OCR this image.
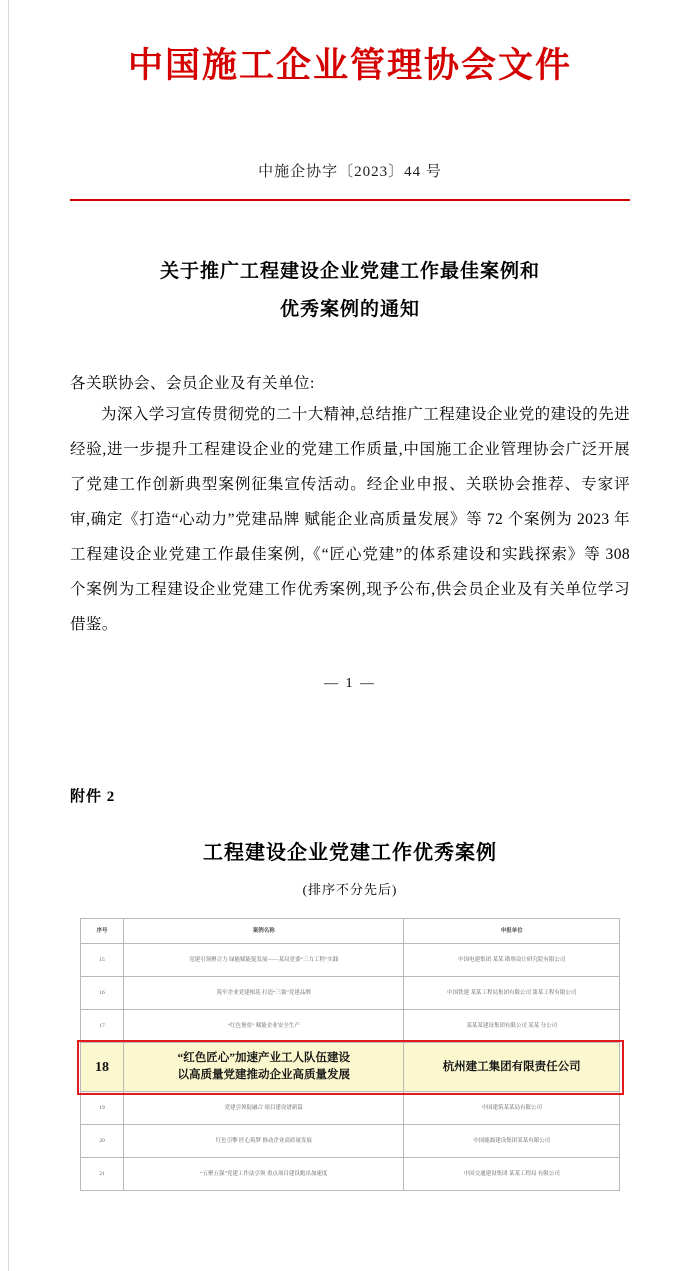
中国施工企业管理协会文件
中施企协字〔2023〕44 号
关于推广工程建设企业党建工作最佳案例和
优秀案例的通知
各关联协会、会员企业及有关单位:
为深入学习宣传贯彻党的二十大精神,总结推广工程建设企业党的建设的先进经验,进一步提升工程建设企业的党建工作质量,中国施工企业管理协会广泛开展了党建工作创新典型案例征集宣传活动。经企业申报、关联协会推荐、专家评审,确定《打造“心动力”党建品牌 赋能企业高质量发展》等 72 个案例为 2023 年工程建设企业党建工作最佳案例,《“匠心党建”的体系建设和实践探索》等 308 个案例为工程建设企业党建工作优秀案例,现予公布,供会员企业及有关单位学习借鉴。
— 1 —
附件 2
工程建设企业党建工作优秀案例
(排序不分先后)
序号	案例名称	申报单位
15	党建引领聚合力 绿能赋能促发展——某局党委“三力工程”实践	中国电建集团 某某 勘察设计研究院有限公司
16	筑牢企业党建根基 打造“三强”党建品牌	中国铁建 某某工程局集团有限公司 第某工程有限公司
17	“红色堡垒” 赋能企业安全生产	某某某建设集团有限公司 某某 分公司
18	“红色匠心”加速产业工人队伍建设
以高质量党建推动企业高质量发展	杭州建工集团有限责任公司
19	党建引领促融合 项目建设谱新篇	中国建筑某某局有限公司
20	红色引擎 匠心筑梦 推动企业高质量发展	中国能源建设集团某某有限公司
21	“五聚五强”党建工作法引领 重点项目建设跑出加速度	中国交通建设集团 某某工程局 有限公司
